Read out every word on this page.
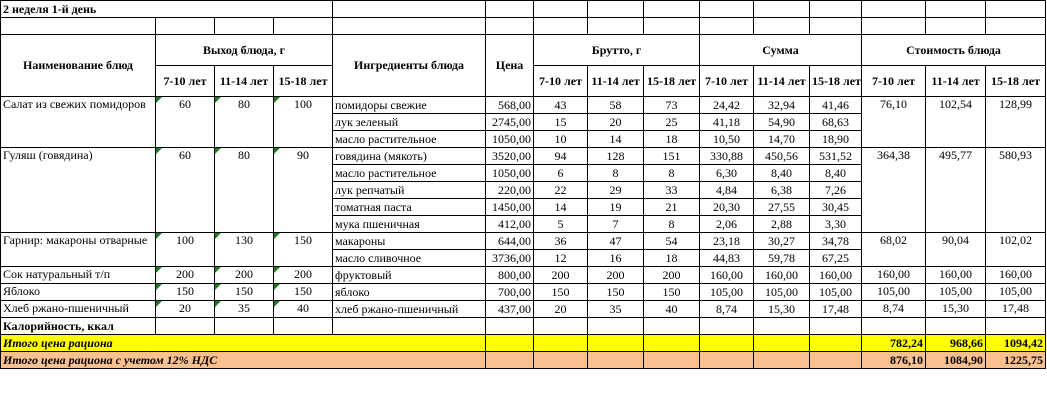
2 неделя 1-й день														

Наименование блюд	Выход блюда, г			Ингредиенты блюда	Цена	Брутто, г			Сумма			Стоимость блюда		
	7-10 лет	11-14 лет	15-18 лет			7-10 лет	11-14 лет	15-18 лет	7-10 лет	11-14 лет	15-18 лет	7-10 лет	11-14 лет	15-18 лет
Салат из свежих помидоров	60	80	100	помидоры свежие	568,00	43	58	73	24,42	32,94	41,46	76,10	102,54	128,99
				лук зеленый	2745,00	15	20	25	41,18	54,90	68,63			
				масло растительное	1050,00	10	14	18	10,50	14,70	18,90			
Гуляш (говядина)	60	80	90	говядина (мякоть)	3520,00	94	128	151	330,88	450,56	531,52	364,38	495,77	580,93
				масло растительное	1050,00	6	8	8	6,30	8,40	8,40			
				лук репчатый	220,00	22	29	33	4,84	6,38	7,26			
				томатная паста	1450,00	14	19	21	20,30	27,55	30,45			
				мука пшеничная	412,00	5	7	8	2,06	2,88	3,30			
Гарнир: макароны отварные	100	130	150	макароны	644,00	36	47	54	23,18	30,27	34,78	68,02	90,04	102,02
				масло сливочное	3736,00	12	16	18	44,83	59,78	67,25			
Сок натуральный т/п	200	200	200	фруктовый	800,00	200	200	200	160,00	160,00	160,00	160,00	160,00	160,00
Яблоко	150	150	150	яблоко	700,00	150	150	150	105,00	105,00	105,00	105,00	105,00	105,00
Хлеб ржано-пшеничный	20	35	40	хлеб ржано-пшеничный	437,00	20	35	40	8,74	15,30	17,48	8,74	15,30	17,48
Калорийность, ккал														
Итого цена рациона												782,24	968,66	1094,42
Итого цена рациона с учетом 12% НДС												876,10	1084,90	1225,75
